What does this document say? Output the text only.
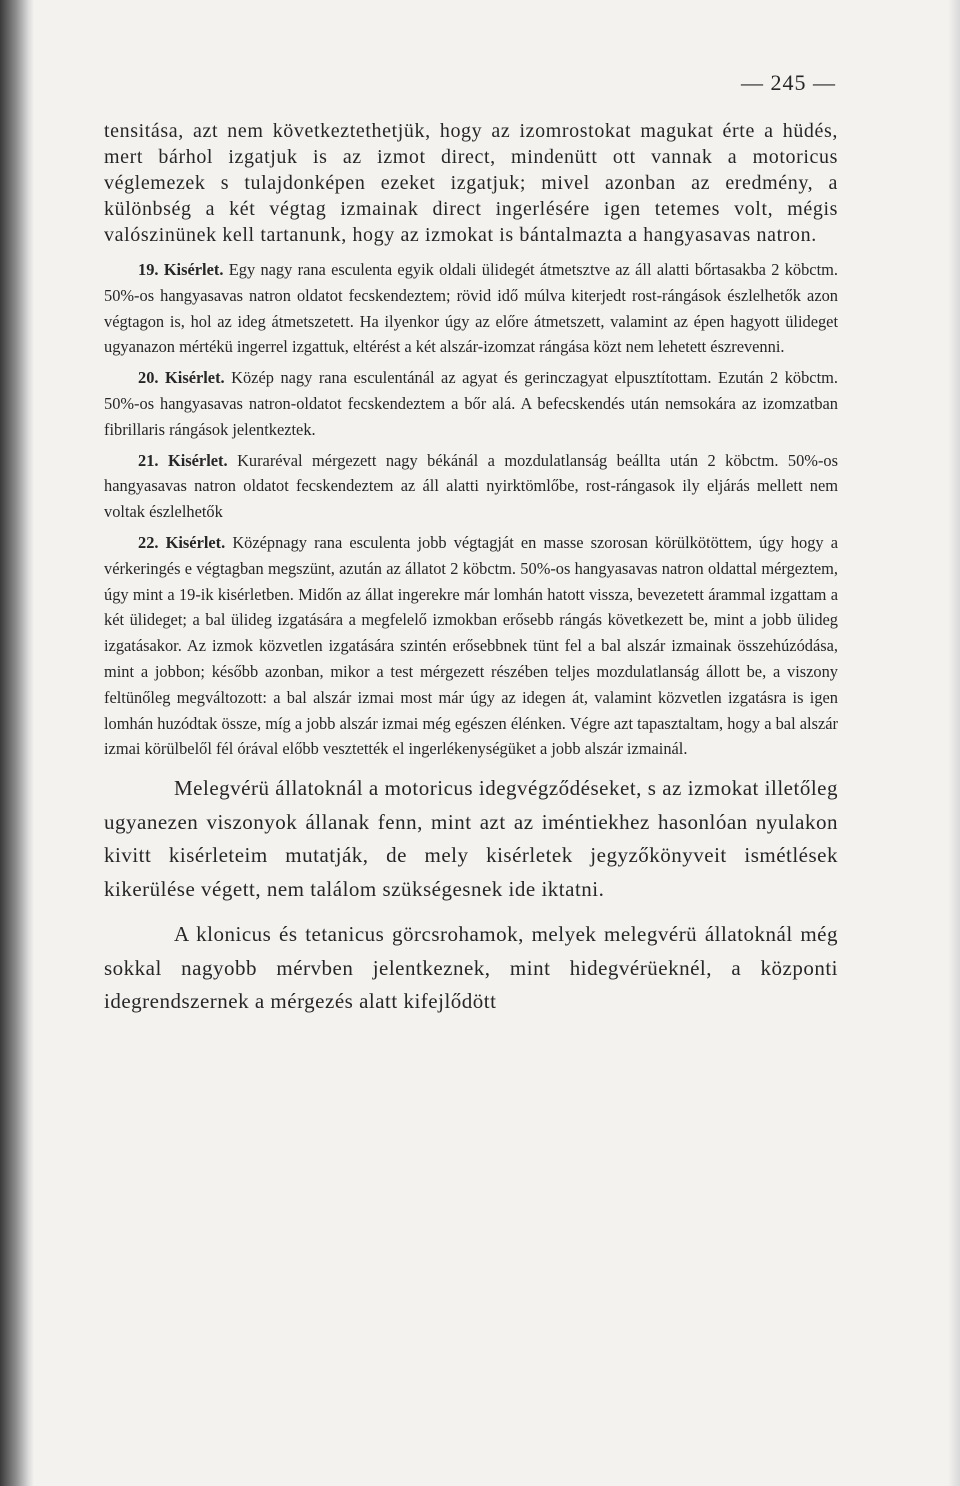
— 245 —

tensitása, azt nem következtethetjük, hogy az izomrostokat magukat érte a hüdés, mert bárhol izgatjuk is az izmot direct, mindenütt ott vannak a motoricus véglemezek s tulajdonképen ezeket izgatjuk; mivel azonban az eredmény, a különbség a két végtag izmainak direct ingerlésére igen tetemes volt, mégis valószinünek kell tartanunk, hogy az izmokat is bántalmazta a hangyasavas natron.

19. Kisérlet. Egy nagy rana esculenta egyik oldali ülidegét átmetsztve az áll alatti bőrtasakba 2 köbctm. 50%-os hangyasavas natron oldatot fecskendeztem; rövid idő múlva kiterjedt rost-rángások észlelhetők azon végtagon is, hol az ideg átmetszetett. Ha ilyenkor úgy az előre átmetszett, valamint az épen hagyott ülideget ugyanazon mértékü ingerrel izgattuk, eltérést a két alszár-izomzat rángása közt nem lehetett észrevenni.

20. Kisérlet. Közép nagy rana esculentánál az agyat és gerinczagyat elpusztítottam. Ezután 2 köbctm. 50%-os hangyasavas natron-oldatot fecskendeztem a bőr alá. A befecskendés után nemsokára az izomzatban fibrillaris rángások jelentkeztek.

21. Kisérlet. Kuraréval mérgezett nagy békánál a mozdulatlanság beállta után 2 köbctm. 50%-os hangyasavas natron oldatot fecskendeztem az áll alatti nyirktömlőbe, rost-rángasok ily eljárás mellett nem voltak észlelhetők

22. Kisérlet. Középnagy rana esculenta jobb végtagját en masse szorosan körülkötöttem, úgy hogy a vérkeringés e végtagban megszünt, azután az állatot 2 köbctm. 50%-os hangyasavas natron oldattal mérgeztem, úgy mint a 19-ik kisérletben. Midőn az állat ingerekre már lomhán hatott vissza, bevezetett árammal izgattam a két ülideget; a bal ülideg izgatására a megfelelő izmokban erősebb rángás következett be, mint a jobb ülideg izgatásakor. Az izmok közvetlen izgatására szintén erősebbnek tünt fel a bal alszár izmainak összehúzódása, mint a jobbon; később azonban, mikor a test mérgezett részében teljes mozdulatlanság állott be, a viszony feltünőleg megváltozott: a bal alszár izmai most már úgy az idegen át, valamint közvetlen izgatásra is igen lomhán huzódtak össze, míg a jobb alszár izmai még egészen élénken. Végre azt tapasztaltam, hogy a bal alszár izmai körülbelől fél órával előbb vesztették el ingerlékenységüket a jobb alszár izmainál.

Melegvérü állatoknál a motoricus idegvégződéseket, s az izmokat illetőleg ugyanezen viszonyok állanak fenn, mint azt az iméntiekhez hasonlóan nyulakon kivitt kisérleteim mutatják, de mely kisérletek jegyzőkönyveit ismétlések kikerülése végett, nem találom szükségesnek ide iktatni.

A klonicus és tetanicus görcsrohamok, melyek melegvérü állatoknál még sokkal nagyobb mérvben jelentkeznek, mint hidegvérüeknél, a központi idegrendszernek a mérgezés alatt kifejlődött
